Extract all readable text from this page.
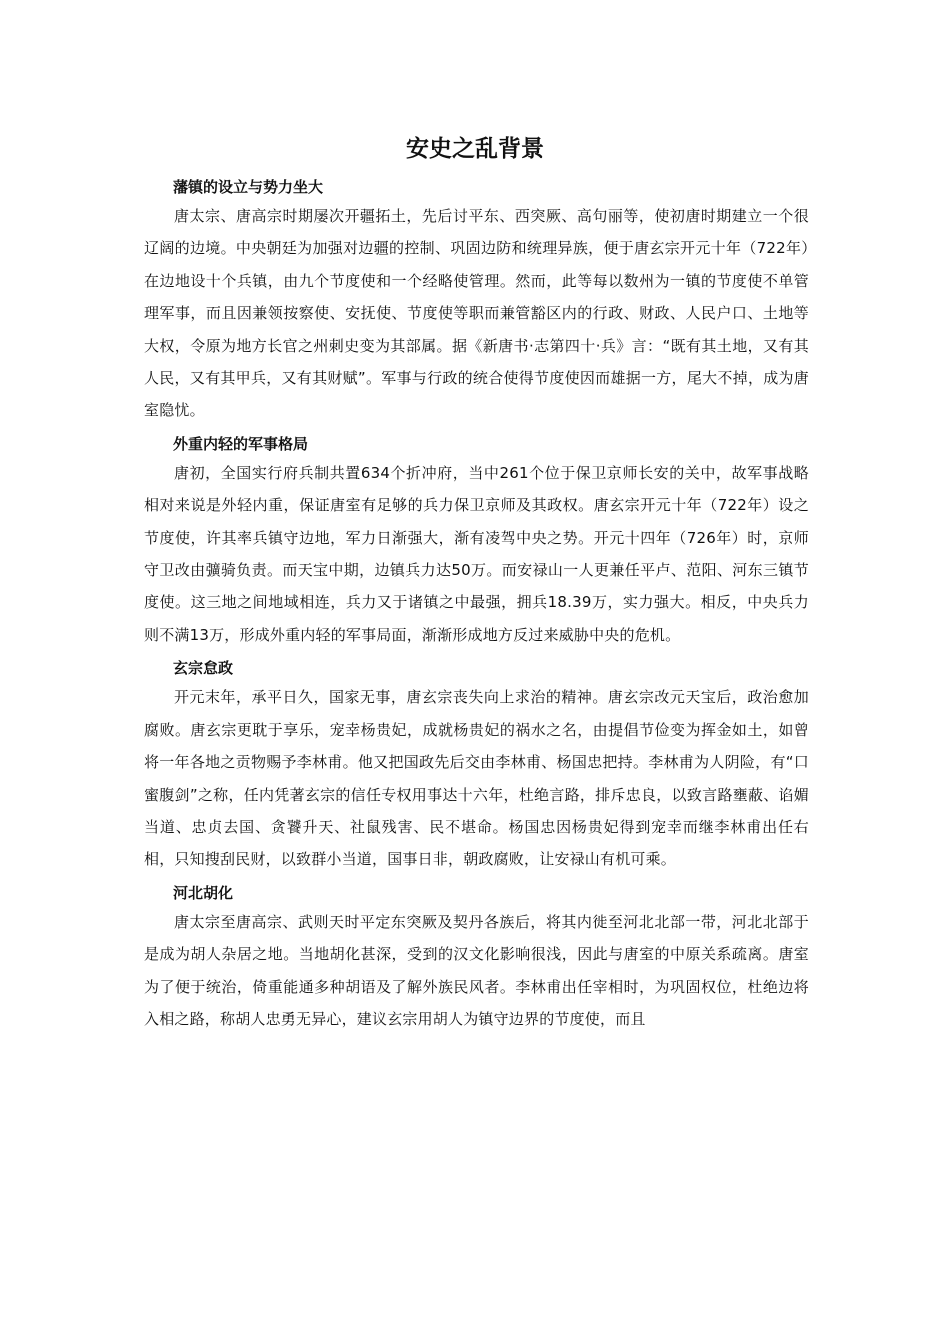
安史之乱背景
藩镇的设立与势力坐大

唐太宗、唐高宗时期屡次开疆拓土，先后讨平东、西突厥、高句丽等，使初唐时期建立一个很辽阔的边境。中央朝廷为加强对边疆的控制、巩固边防和统理异族，便于唐玄宗开元十年（722年）在边地设十个兵镇，由九个节度使和一个经略使管理。然而，此等每以数州为一镇的节度使不单管理军事，而且因兼领按察使、安抚使、节度使等职而兼管豁区内的行政、财政、人民户口、土地等大权，令原为地方长官之州刺史变为其部属。据《新唐书·志第四十·兵》言：“既有其土地，又有其人民，又有其甲兵，又有其财赋”。军事与行政的统合使得节度使因而雄据一方，尾大不掉，成为唐室隐忧。

外重内轻的军事格局

唐初，全国实行府兵制共置634个折冲府，当中261个位于保卫京师长安的关中，故军事战略相对来说是外轻内重，保证唐室有足够的兵力保卫京师及其政权。唐玄宗开元十年（722年）设之节度使，许其率兵镇守边地，军力日渐强大，渐有凌驾中央之势。开元十四年（726年）时，京师守卫改由彍骑负责。而天宝中期，边镇兵力达50万。而安禄山一人更兼任平卢、范阳、河东三镇节度使。这三地之间地域相连，兵力又于诸镇之中最强，拥兵18.39万，实力强大。相反，中央兵力则不满13万，形成外重内轻的军事局面，渐渐形成地方反过来威胁中央的危机。

玄宗怠政

开元末年，承平日久，国家无事，唐玄宗丧失向上求治的精神。唐玄宗改元天宝后，政治愈加腐败。唐玄宗更耽于享乐，宠幸杨贵妃，成就杨贵妃的祸水之名，由提倡节俭变为挥金如土，如曾将一年各地之贡物赐予李林甫。他又把国政先后交由李林甫、杨国忠把持。李林甫为人阴险，有“口蜜腹剑”之称，任内凭著玄宗的信任专权用事达十六年，杜绝言路，排斥忠良，以致言路壅蔽、谄媚当道、忠贞去国、贪饕升天、社鼠残害、民不堪命。杨国忠因杨贵妃得到宠幸而继李林甫出任右相，只知搜刮民财，以致群小当道，国事日非，朝政腐败，让安禄山有机可乘。

河北胡化

唐太宗至唐高宗、武则天时平定东突厥及契丹各族后，将其内徙至河北北部一带，河北北部于是成为胡人杂居之地。当地胡化甚深，受到的汉文化影响很浅，因此与唐室的中原关系疏离。唐室为了便于统治，倚重能通多种胡语及了解外族民风者。李林甫出任宰相时，为巩固权位，杜绝边将入相之路，称胡人忠勇无异心，建议玄宗用胡人为镇守边界的节度使，而且
